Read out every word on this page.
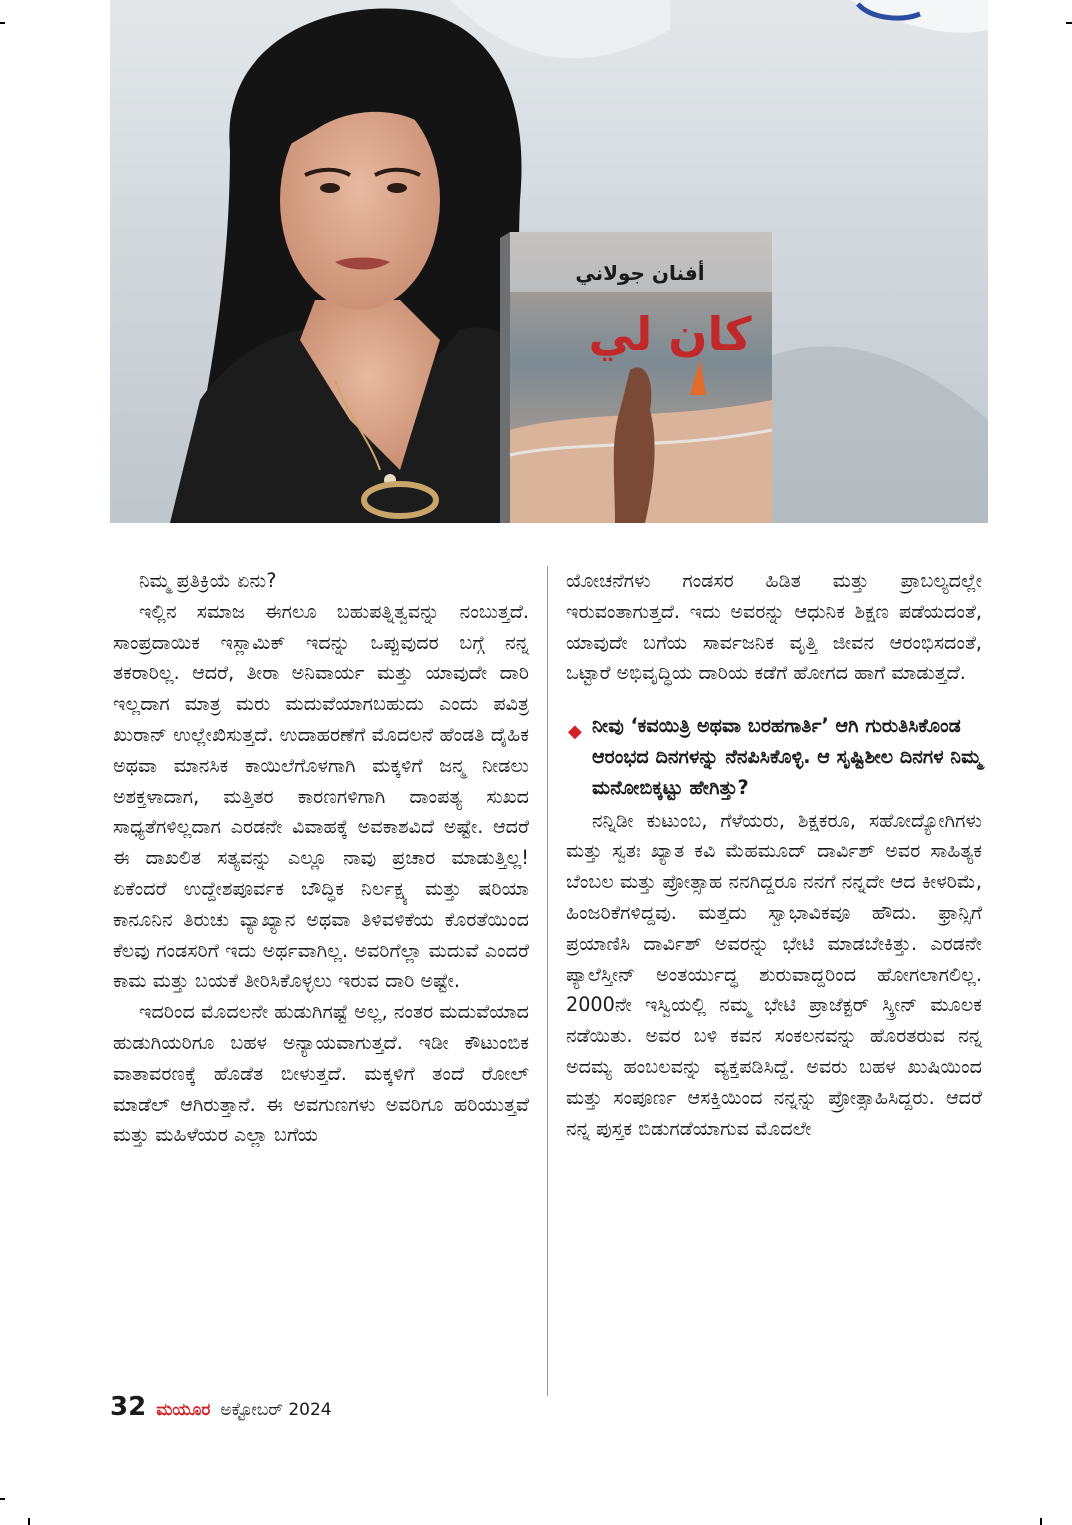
أفنان جولاني
كان لي

ನಿಮ್ಮ ಪ್ರತಿಕ್ರಿಯೆ ಏನು?

ಇಲ್ಲಿನ ಸಮಾಜ ಈಗಲೂ ಬಹುಪತ್ನಿತ್ವವನ್ನು ನಂಬುತ್ತದೆ. ಸಾಂಪ್ರದಾಯಿಕ ಇಸ್ಲಾಮಿಕ್ ಇದನ್ನು ಒಪ್ಪುವುದರ ಬಗ್ಗೆ ನನ್ನ ತಕರಾರಿಲ್ಲ. ಆದರೆ, ತೀರಾ ಅನಿವಾರ್ಯ ಮತ್ತು ಯಾವುದೇ ದಾರಿ ಇಲ್ಲದಾಗ ಮಾತ್ರ ಮರು ಮದುವೆಯಾಗಬಹುದು ಎಂದು ಪವಿತ್ರ ಖುರಾನ್ ಉಲ್ಲೇಖಿಸುತ್ತದೆ. ಉದಾಹರಣೆಗೆ ಮೊದಲನೆ ಹೆಂಡತಿ ದೈಹಿಕ ಅಥವಾ ಮಾನಸಿಕ ಕಾಯಿಲೆಗೊಳಗಾಗಿ ಮಕ್ಕಳಿಗೆ ಜನ್ಮ ನೀಡಲು ಅಶಕ್ತಳಾದಾಗ, ಮತ್ತಿತರ ಕಾರಣಗಳಿಗಾಗಿ ದಾಂಪತ್ಯ ಸುಖದ ಸಾಧ್ಯತೆಗಳಿಲ್ಲದಾಗ ಎರಡನೇ ವಿವಾಹಕ್ಕೆ ಅವಕಾಶವಿದೆ ಅಷ್ಟೇ. ಆದರೆ ಈ ದಾಖಲಿತ ಸತ್ಯವನ್ನು ಎಲ್ಲೂ ನಾವು ಪ್ರಚಾರ ಮಾಡುತ್ತಿಲ್ಲ! ಏಕೆಂದರೆ ಉದ್ದೇಶಪೂರ್ವಕ ಬೌದ್ಧಿಕ ನಿರ್ಲಕ್ಷ್ಯ ಮತ್ತು ಷರಿಯಾ ಕಾನೂನಿನ ತಿರುಚು ವ್ಯಾಖ್ಯಾನ ಅಥವಾ ತಿಳಿವಳಿಕೆಯ ಕೊರತೆಯಿಂದ ಕೆಲವು ಗಂಡಸರಿಗೆ ಇದು ಅರ್ಥವಾಗಿಲ್ಲ. ಅವರಿಗೆಲ್ಲಾ ಮದುವೆ ಎಂದರೆ ಕಾಮ ಮತ್ತು ಬಯಕೆ ತೀರಿಸಿಕೊಳ್ಳಲು ಇರುವ ದಾರಿ ಅಷ್ಟೇ.

ಇದರಿಂದ ಮೊದಲನೇ ಹುಡುಗಿಗಷ್ಟೆ ಅಲ್ಲ, ನಂತರ ಮದುವೆಯಾದ ಹುಡುಗಿಯರಿಗೂ ಬಹಳ ಅನ್ಯಾಯವಾಗುತ್ತದೆ. ಇಡೀ ಕೌಟುಂಬಿಕ ವಾತಾವರಣಕ್ಕೆ ಹೊಡೆತ ಬೀಳುತ್ತದೆ. ಮಕ್ಕಳಿಗೆ ತಂದೆ ರೋಲ್ ಮಾಡೆಲ್ ಆಗಿರುತ್ತಾನೆ. ಈ ಅವಗುಣಗಳು ಅವರಿಗೂ ಹರಿಯುತ್ತವೆ ಮತ್ತು ಮಹಿಳೆಯರ ಎಲ್ಲಾ ಬಗೆಯ

ಯೋಚನೆಗಳು ಗಂಡಸರ ಹಿಡಿತ ಮತ್ತು ಪ್ರಾಬಲ್ಯದಲ್ಲೇ ಇರುವಂತಾಗುತ್ತದೆ. ಇದು ಅವರನ್ನು ಆಧುನಿಕ ಶಿಕ್ಷಣ ಪಡೆಯದಂತೆ, ಯಾವುದೇ ಬಗೆಯ ಸಾರ್ವಜನಿಕ ವೃತ್ತಿ ಜೀವನ ಆರಂಭಿಸದಂತೆ, ಒಟ್ಟಾರೆ ಅಭಿವೃದ್ಧಿಯ ದಾರಿಯ ಕಡೆಗೆ ಹೋಗದ ಹಾಗೆ ಮಾಡುತ್ತದೆ.

◆ ನೀವು ‘ಕವಯಿತ್ರಿ ಅಥವಾ ಬರಹಗಾರ್ತಿ’ ಆಗಿ ಗುರುತಿಸಿಕೊಂಡ ಆರಂಭದ ದಿನಗಳನ್ನು ನೆನಪಿಸಿಕೊಳ್ಳಿ. ಆ ಸೃಷ್ಟಿಶೀಲ ದಿನಗಳ ನಿಮ್ಮ ಮನೋಬಿಕ್ಕಟ್ಟು ಹೇಗಿತ್ತು?

ನನ್ನಿಡೀ ಕುಟುಂಬ, ಗೆಳೆಯರು, ಶಿಕ್ಷಕರೂ, ಸಹೋದ್ಯೋಗಿಗಳು ಮತ್ತು ಸ್ವತಃ ಖ್ಯಾತ ಕವಿ ಮೆಹಮೂದ್ ದಾರ್ವಿಶ್ ಅವರ ಸಾಹಿತ್ಯಕ ಬೆಂಬಲ ಮತ್ತು ಪ್ರೋತ್ಸಾಹ ನನಗಿದ್ದರೂ ನನಗೆ ನನ್ನದೇ ಆದ ಕೀಳರಿಮೆ, ಹಿಂಜರಿಕೆಗಳಿದ್ದವು. ಮತ್ತದು ಸ್ವಾಭಾವಿಕವೂ ಹೌದು. ಫ್ರಾನ್ಸಿಗೆ ಪ್ರಯಾಣಿಸಿ ದಾರ್ವಿಶ್ ಅವರನ್ನು ಭೇಟಿ ಮಾಡಬೇಕಿತ್ತು. ಎರಡನೇ ಪ್ಯಾಲೆಸ್ತೀನ್ ಅಂತರ್ಯುದ್ಧ ಶುರುವಾದ್ದರಿಂದ ಹೋಗಲಾಗಲಿಲ್ಲ. 2000ನೇ ಇಸ್ವಿಯಲ್ಲಿ ನಮ್ಮ ಭೇಟಿ ಪ್ರಾಜೆಕ್ಟರ್ ಸ್ಕ್ರೀನ್ ಮೂಲಕ ನಡೆಯಿತು. ಅವರ ಬಳಿ ಕವನ ಸಂಕಲನವನ್ನು ಹೊರತರುವ ನನ್ನ ಅದಮ್ಯ ಹಂಬಲವನ್ನು ವ್ಯಕ್ತಪಡಿಸಿದ್ದೆ. ಅವರು ಬಹಳ ಖುಷಿಯಿಂದ ಮತ್ತು ಸಂಪೂರ್ಣ ಆಸಕ್ತಿಯಿಂದ ನನ್ನನ್ನು ಪ್ರೋತ್ಸಾಹಿಸಿದ್ದರು. ಆದರೆ ನನ್ನ ಪುಸ್ತಕ ಬಿಡುಗಡೆಯಾಗುವ ಮೊದಲೇ

32 ಮಯೂರ ಅಕ್ಟೋಬರ್ 2024
